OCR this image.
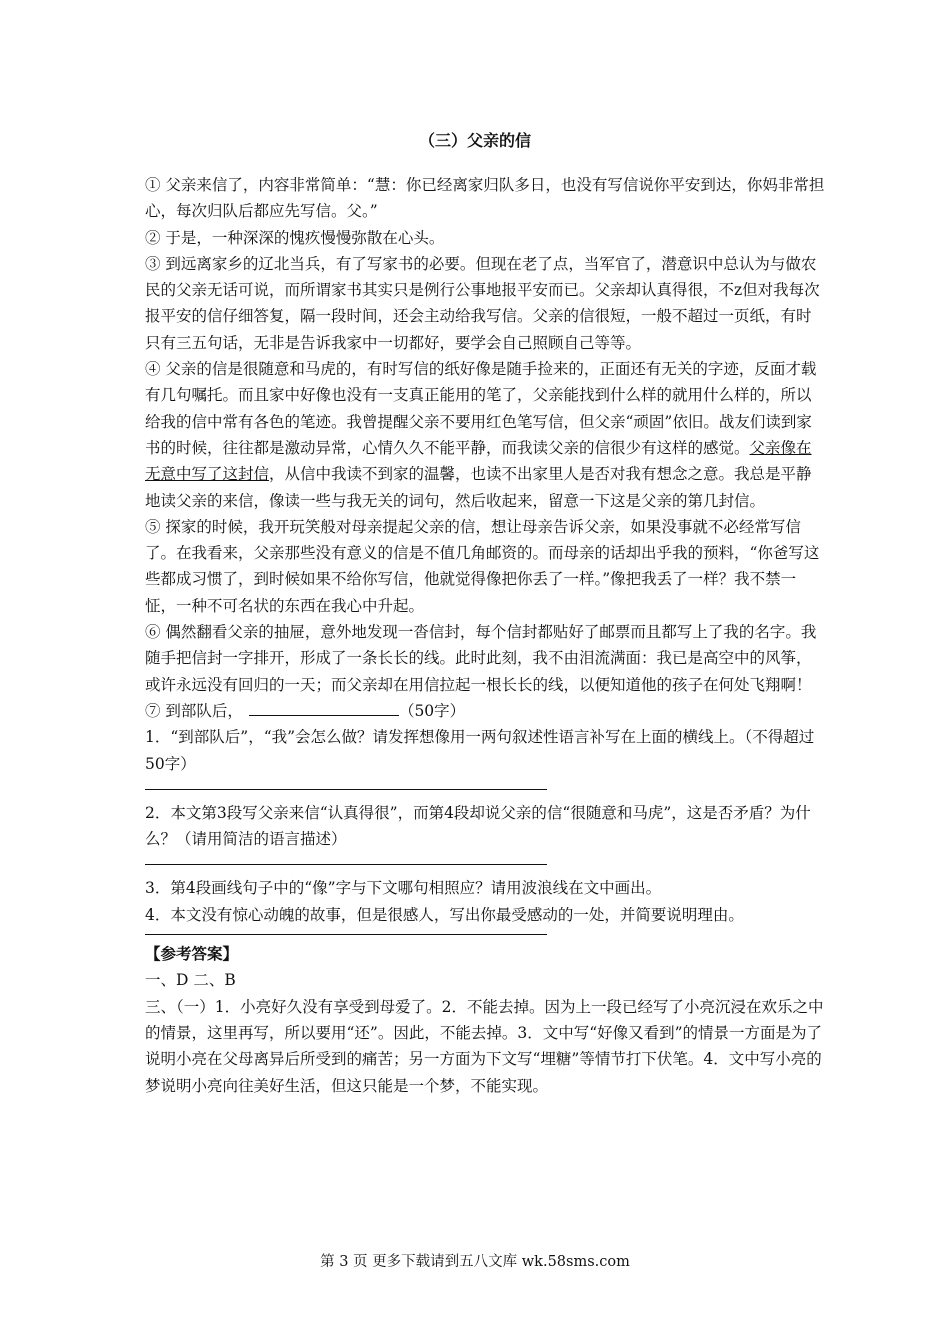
（三）父亲的信

① 父亲来信了，内容非常简单：“慧：你已经离家归队多日，也没有写信说你平安到达，你妈非常担心，每次归队后都应先写信。父。”

② 于是，一种深深的愧疚慢慢弥散在心头。

③ 到远离家乡的辽北当兵，有了写家书的必要。但现在老了点，当军官了，潜意识中总认为与做农民的父亲无话可说，而所谓家书其实只是例行公事地报平安而已。父亲却认真得很，不z但对我每次报平安的信仔细答复，隔一段时间，还会主动给我写信。父亲的信很短，一般不超过一页纸，有时只有三五句话，无非是告诉我家中一切都好，要学会自己照顾自己等等。

④ 父亲的信是很随意和马虎的，有时写信的纸好像是随手捡来的，正面还有无关的字迹，反面才载有几句嘱托。而且家中好像也没有一支真正能用的笔了，父亲能找到什么样的就用什么样的，所以给我的信中常有各色的笔迹。我曾提醒父亲不要用红色笔写信，但父亲“顽固”依旧。战友们读到家书的时候，往往都是激动异常，心情久久不能平静，而我读父亲的信很少有这样的感觉。父亲像在无意中写了这封信，从信中我读不到家的温馨，也读不出家里人是否对我有想念之意。我总是平静地读父亲的来信，像读一些与我无关的词句，然后收起来，留意一下这是父亲的第几封信。

⑤ 探家的时候，我开玩笑般对母亲提起父亲的信，想让母亲告诉父亲，如果没事就不必经常写信了。在我看来，父亲那些没有意义的信是不值几角邮资的。而母亲的话却出乎我的预料，“你爸写这些都成习惯了，到时候如果不给你写信，他就觉得像把你丢了一样。”像把我丢了一样？我不禁一怔，一种不可名状的东西在我心中升起。

⑥ 偶然翻看父亲的抽屉，意外地发现一沓信封，每个信封都贴好了邮票而且都写上了我的名字。我随手把信封一字排开，形成了一条长长的线。此时此刻，我不由泪流满面：我已是高空中的风筝，或许永远没有回归的一天；而父亲却在用信拉起一根长长的线，以便知道他的孩子在何处飞翔啊！

⑦ 到部队后，	（50字）

1．“到部队后”，“我”会怎么做？请发挥想像用一两句叙述性语言补写在上面的横线上。（不得超过50字）

2．本文第3段写父亲来信“认真得很”，而第4段却说父亲的信“很随意和马虎”，这是否矛盾？为什么？（请用简洁的语言描述）

3．第4段画线句子中的“像”字与下文哪句相照应？请用波浪线在文中画出。

4．本文没有惊心动魄的故事，但是很感人，写出你最受感动的一处，并简要说明理由。

【参考答案】

一、D 二、B

三、（一）1．小亮好久没有享受到母爱了。2．不能去掉。因为上一段已经写了小亮沉浸在欢乐之中的情景，这里再写，所以要用“还”。因此，不能去掉。3．文中写“好像又看到”的情景一方面是为了说明小亮在父母离异后所受到的痛苦；另一方面为下文写“埋糖”等情节打下伏笔。4．文中写小亮的梦说明小亮向往美好生活，但这只能是一个梦，不能实现。

第 3 页 更多下载请到五八文库 wk.58sms.com
